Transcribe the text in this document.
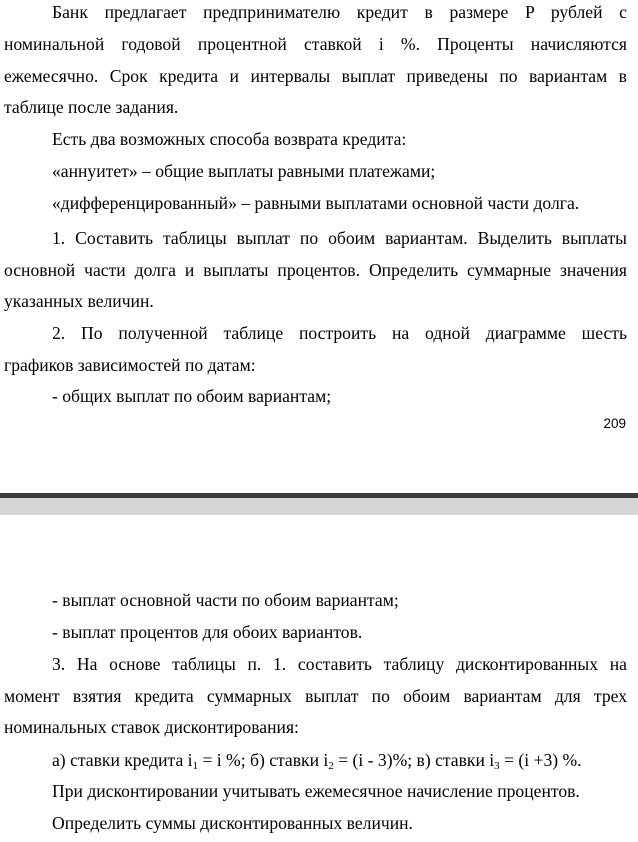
Банк предлагает предпринимателю кредит в размере P рублей с
номинальной годовой процентной ставкой i %. Проценты начисляются
ежемесячно. Срок кредита и интервалы выплат приведены по вариантам в
таблице после задания.
Есть два возможных способа возврата кредита:
«аннуитет» – общие выплаты равными платежами;
«дифференцированный» – равными выплатами основной части долга.
1. Составить таблицы выплат по обоим вариантам. Выделить выплаты
основной части долга и выплаты процентов. Определить суммарные значения
указанных величин.
2. По полученной таблице построить на одной диаграмме шесть
графиков зависимостей по датам:
- общих выплат по обоим вариантам;
209
- выплат основной части по обоим вариантам;
- выплат процентов для обоих вариантов.
3. На основе таблицы п. 1. составить таблицу дисконтированных на
момент взятия кредита суммарных выплат по обоим вариантам для трех
номинальных ставок дисконтирования:
а) ставки кредита $i_1 = i$ %; б) ставки $i_2 = (i - 3)\%$; в) ставки $i_3 = (i +3)$ %.
При дисконтировании учитывать ежемесячное начисление процентов.
Определить суммы дисконтированных величин.
